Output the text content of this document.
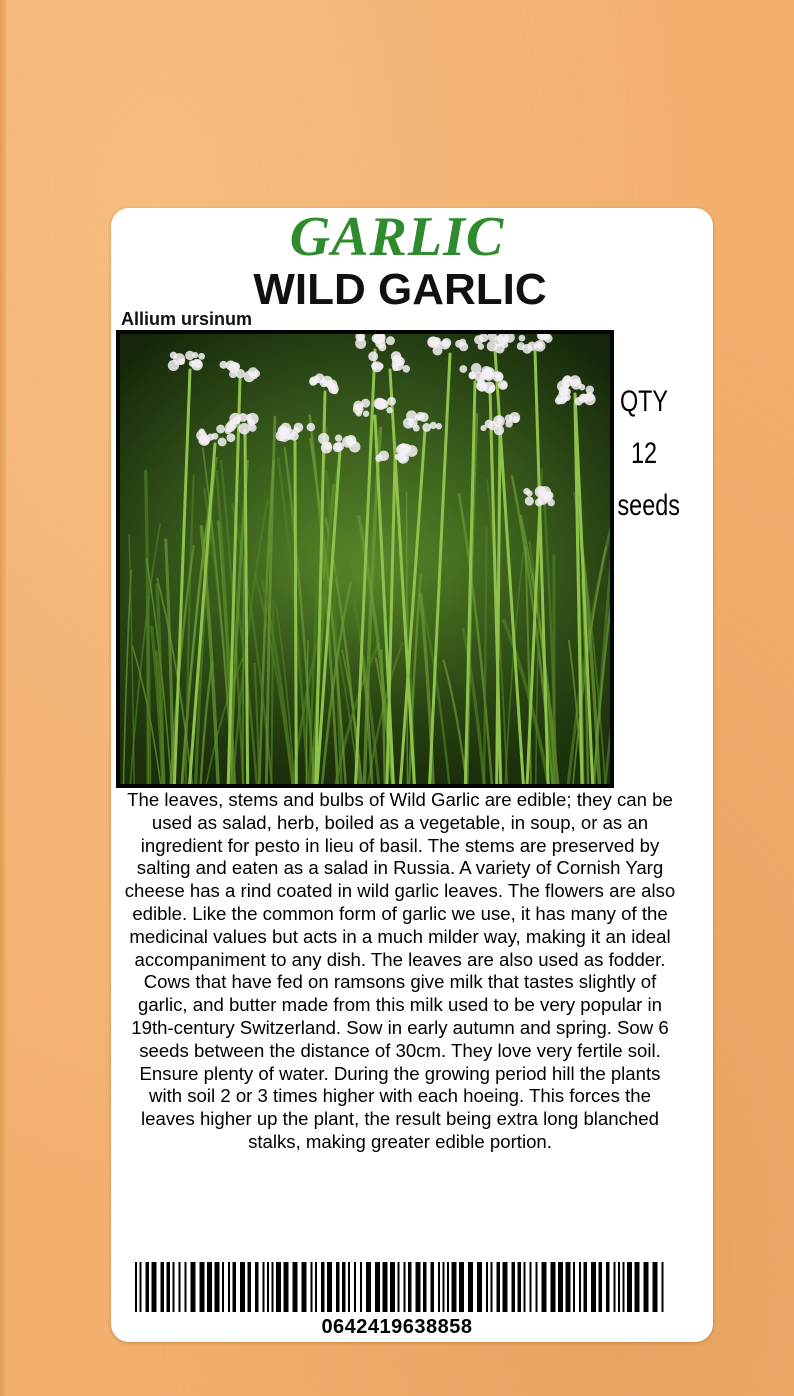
GARLIC
WILD GARLIC
Allium ursinum
QTY
12
seeds

The leaves, stems and bulbs of Wild Garlic are edible; they can be used as salad, herb, boiled as a vegetable, in soup, or as an ingredient for pesto in lieu of basil. The stems are preserved by salting and eaten as a salad in Russia. A variety of Cornish Yarg cheese has a rind coated in wild garlic leaves. The flowers are also edible. Like the common form of garlic we use, it has many of the medicinal values but acts in a much milder way, making it an ideal accompaniment to any dish. The leaves are also used as fodder. Cows that have fed on ramsons give milk that tastes slightly of garlic, and butter made from this milk used to be very popular in 19th-century Switzerland. Sow in early autumn and spring. Sow 6 seeds between the distance of 30cm. They love very fertile soil. Ensure plenty of water. During the growing period hill the plants with soil 2 or 3 times higher with each hoeing. This forces the leaves higher up the plant, the result being extra long blanched stalks, making greater edible portion.

0642419638858
